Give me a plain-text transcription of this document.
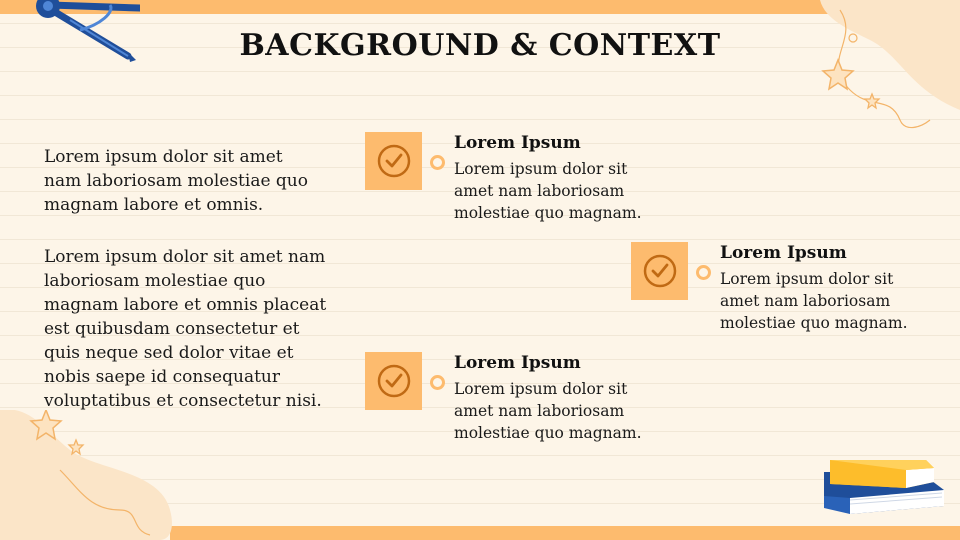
BACKGROUND & CONTEXT

Lorem ipsum dolor sit amet nam laboriosam molestiae quo magnam labore et omnis.

Lorem ipsum dolor sit amet nam laboriosam molestiae quo magnam labore et omnis placeat est quibusdam consectetur et quis neque sed dolor vitae et nobis saepe id consequatur voluptatibus et consectetur nisi.

Lorem Ipsum
Lorem ipsum dolor sit amet nam laboriosam molestiae quo magnam.
Lorem Ipsum
Lorem ipsum dolor sit amet nam laboriosam molestiae quo magnam.
Lorem Ipsum
Lorem ipsum dolor sit amet nam laboriosam molestiae quo magnam.
